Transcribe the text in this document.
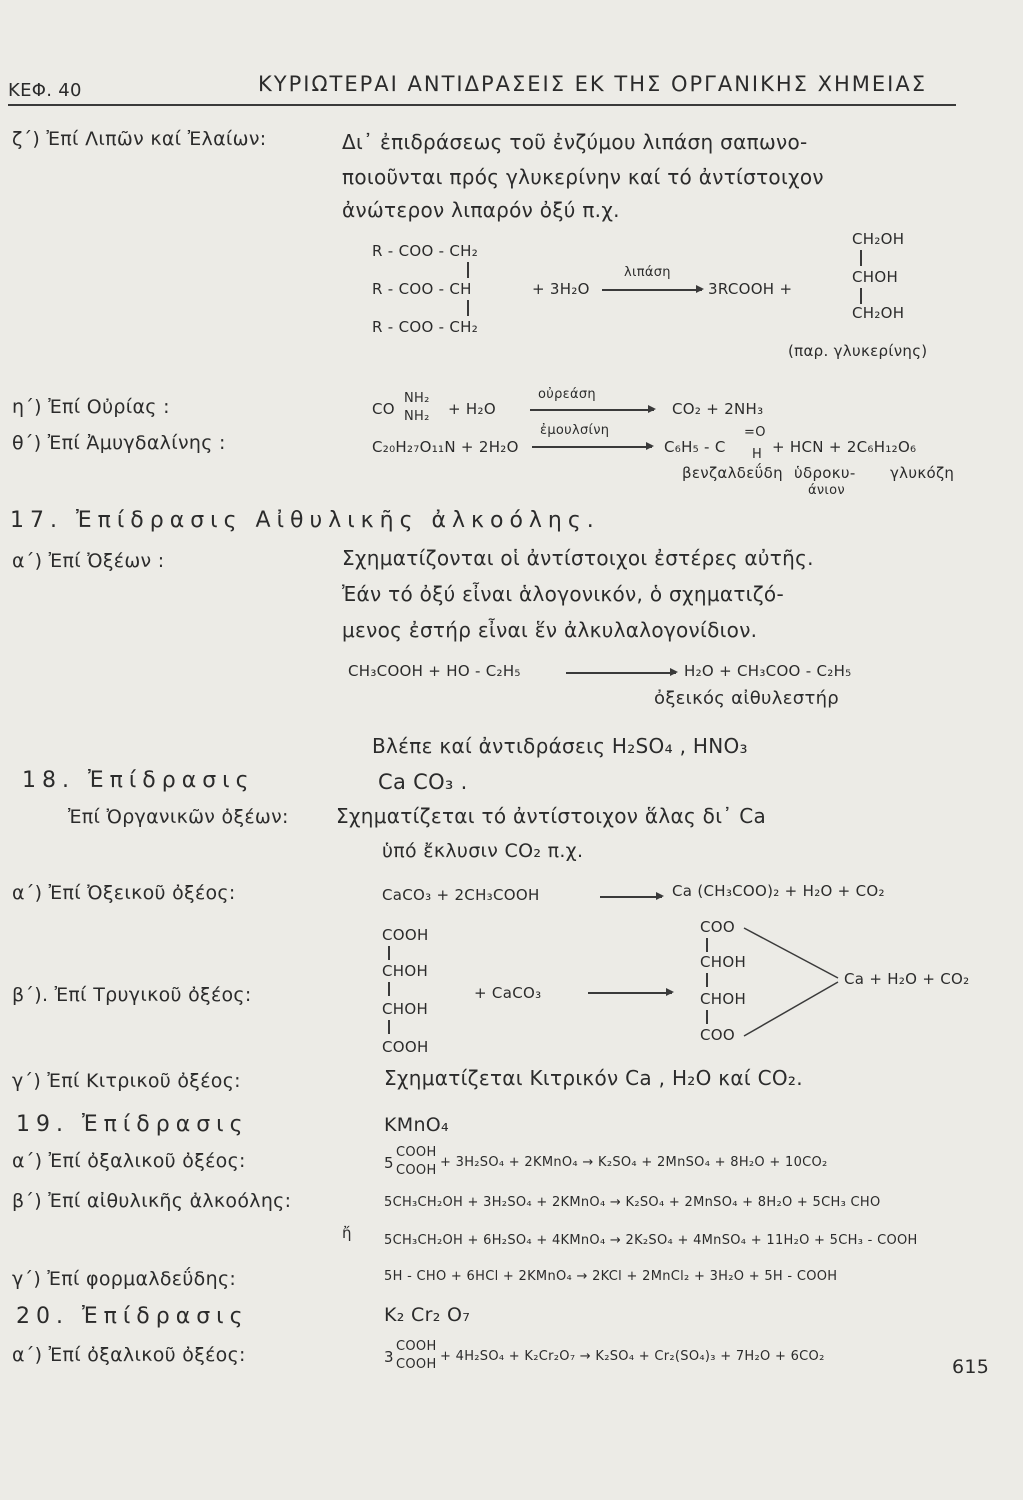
ΚΕΦ. 40	ΚΥΡΙΩΤΕΡΑΙ ΑΝΤΙΔΡΑΣΕΙΣ ΕΚ ΤΗΣ ΟΡΓΑΝΙΚΗΣ ΧΗΜΕΙΑΣ
ζ΄) Ἐπί Λιπῶν καί Ἐλαίων:	Δι᾽ ἐπιδράσεως τοῦ ἐνζύμου λιπάση σαπωνο-
ποιοῦνται πρός γλυκερίνην καί τό ἀντίστοιχον
ἀνώτερον λιπαρόν ὀξύ π.χ.
R - COO - CH₂
R - COO - CH
R - COO - CH₂
+ 3H₂O
λιπάση
3RCOOH +
CH₂OH
CHOH
CH₂OH
(παρ. γλυκερίνης)
η΄) Ἐπί Οὐρίας :	CO
NH₂
NH₂ + H₂O
οὐρεάση
CO₂ + 2NH₃
θ΄) Ἐπί Ἀμυγδαλίνης :	C₂₀H₂₇O₁₁N + 2H₂O
ἐμουλσίνη
C₆H₅ - C
=O
H + HCN + 2C₆H₁₂O₆
βενζαλδεΰδη ὑδροκυ-
άνιον
γλυκόζη
17. Ἐπίδρασις Αἰθυλικῆς ἀλκοόλης.
α΄) Ἐπί Ὀξέων :	Σχηματίζονται οἱ ἀντίστοιχοι ἐστέρες αὐτῆς.
Ἐάν τό ὀξύ εἶναι ἁλογονικόν, ὁ σχηματιζό-
μενος ἐστήρ εἶναι ἕν ἀλκυλαλογονίδιον.
CH₃COOH + HO - C₂H₅	H₂O + CH₃COO - C₂H₅
ὀξεικός αἰθυλεστήρ
Βλέπε καί ἀντιδράσεις H₂SO₄ , HNO₃
18. Ἐπίδρασις	Ca CO₃ .
Ἐπί Ὀργανικῶν ὀξέων: Σχηματίζεται τό ἀντίστοιχον ἅλας δι᾽ Ca
ὑπό ἔκλυσιν CO₂ π.χ.
α΄) Ἐπί Ὀξεικοῦ ὀξέος:	CaCO₃ + 2CH₃COOH	→ Ca (CH₃COO)₂ + H₂O + CO₂
β΄). Ἐπί Τρυγικοῦ ὀξέος:
COOH
CHOH
CHOH
COOH
+ CaCO₃
COO
CHOH
CHOH
COO
Ca + H₂O + CO₂
γ΄) Ἐπί Κιτρικοῦ ὀξέος:	Σχηματίζεται Κιτρικόν Ca , H₂O καί CO₂.
19. Ἐπίδρασις	KMnO₄
α΄) Ἐπί ὀξαλικοῦ ὀξέος:	5
COOH
COOH
+ 3H₂SO₄ + 2KMnO₄ → K₂SO₄ + 2MnSO₄ + 8H₂O + 10CO₂
β΄) Ἐπί αἰθυλικῆς ἀλκοόλης:	5CH₃CH₂OH + 3H₂SO₄ + 2KMnO₄ → K₂SO₄ + 2MnSO₄ + 8H₂O + 5CH₃ CHO
ἤ 5CH₃CH₂OH + 6H₂SO₄ + 4KMnO₄ → 2K₂SO₄ + 4MnSO₄ + 11H₂O + 5CH₃ - COOH
γ΄) Ἐπί φορμαλδεΰδης:	5H - CHO + 6HCl + 2KMnO₄ → 2KCl + 2MnCl₂ + 3H₂O + 5H - COOH
20. Ἐπίδρασις	K₂ Cr₂ O₇
α΄) Ἐπί ὀξαλικοῦ ὀξέος:	3
COOH
COOH
+ 4H₂SO₄ + K₂Cr₂O₇ → K₂SO₄ + Cr₂(SO₄)₃ + 7H₂O + 6CO₂	615
